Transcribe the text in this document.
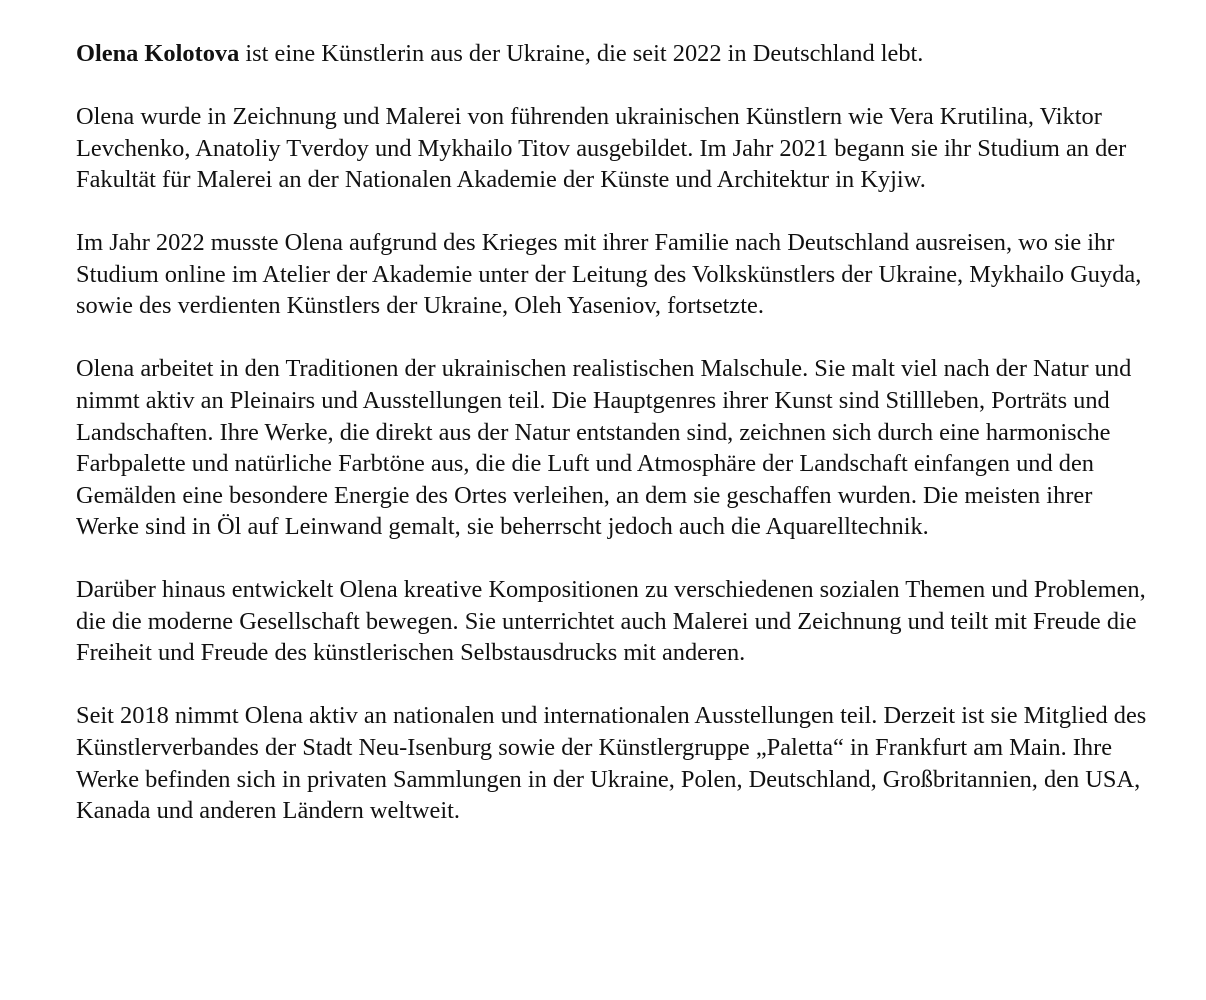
Olena Kolotova ist eine Künstlerin aus der Ukraine, die seit 2022 in Deutschland lebt.

Olena wurde in Zeichnung und Malerei von führenden ukrainischen Künstlern wie Vera Krutilina, Viktor Levchenko, Anatoliy Tverdoy und Mykhailo Titov ausgebildet. Im Jahr 2021 begann sie ihr Studium an der Fakultät für Malerei an der Nationalen Akademie der Künste und Architektur in Kyjiw.

Im Jahr 2022 musste Olena aufgrund des Krieges mit ihrer Familie nach Deutschland ausreisen, wo sie ihr Studium online im Atelier der Akademie unter der Leitung des Volkskünstlers der Ukraine, Mykhailo Guyda, sowie des verdienten Künstlers der Ukraine, Oleh Yaseniov, fortsetzte.

Olena arbeitet in den Traditionen der ukrainischen realistischen Malschule. Sie malt viel nach der Natur und nimmt aktiv an Pleinairs und Ausstellungen teil. Die Hauptgenres ihrer Kunst sind Stillleben, Porträts und Landschaften. Ihre Werke, die direkt aus der Natur entstanden sind, zeichnen sich durch eine harmonische Farbpalette und natürliche Farbtöne aus, die die Luft und Atmosphäre der Landschaft einfangen und den Gemälden eine besondere Energie des Ortes verleihen, an dem sie geschaffen wurden. Die meisten ihrer Werke sind in Öl auf Leinwand gemalt, sie beherrscht jedoch auch die Aquarelltechnik.

Darüber hinaus entwickelt Olena kreative Kompositionen zu verschiedenen sozialen Themen und Problemen, die die moderne Gesellschaft bewegen. Sie unterrichtet auch Malerei und Zeichnung und teilt mit Freude die Freiheit und Freude des künstlerischen Selbstausdrucks mit anderen.

Seit 2018 nimmt Olena aktiv an nationalen und internationalen Ausstellungen teil. Derzeit ist sie Mitglied des Künstlerverbandes der Stadt Neu-Isenburg sowie der Künstlergruppe „Paletta“ in Frankfurt am Main. Ihre Werke befinden sich in privaten Sammlungen in der Ukraine, Polen, Deutschland, Großbritannien, den USA, Kanada und anderen Ländern weltweit.
